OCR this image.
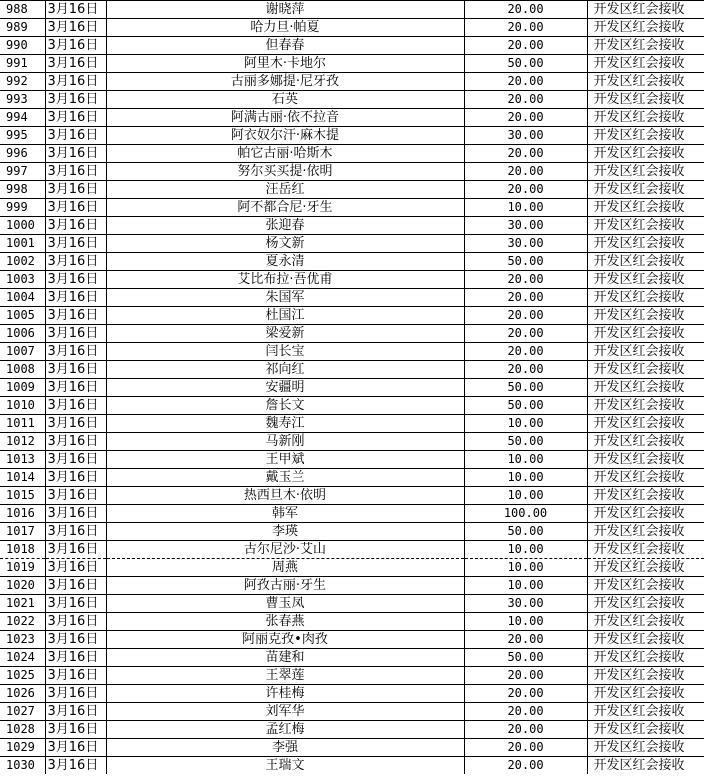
988	3月16日	谢晓萍	20.00	开发区红会接收
989	3月16日	哈力旦·帕夏	20.00	开发区红会接收
990	3月16日	但春春	20.00	开发区红会接收
991	3月16日	阿里木·卡地尔	50.00	开发区红会接收
992	3月16日	古丽多娜提·尼牙孜	20.00	开发区红会接收
993	3月16日	石英	20.00	开发区红会接收
994	3月16日	阿满古丽·依不拉音	20.00	开发区红会接收
995	3月16日	阿衣奴尔汗·麻木提	30.00	开发区红会接收
996	3月16日	帕它古丽·哈斯木	20.00	开发区红会接收
997	3月16日	努尔买买提·依明	20.00	开发区红会接收
998	3月16日	汪岳红	20.00	开发区红会接收
999	3月16日	阿不都合尼·牙生	10.00	开发区红会接收
1000	3月16日	张迎春	30.00	开发区红会接收
1001	3月16日	杨文新	30.00	开发区红会接收
1002	3月16日	夏永清	50.00	开发区红会接收
1003	3月16日	艾比布拉·吾优甫	20.00	开发区红会接收
1004	3月16日	朱国军	20.00	开发区红会接收
1005	3月16日	杜国江	20.00	开发区红会接收
1006	3月16日	梁爱新	20.00	开发区红会接收
1007	3月16日	闫长宝	20.00	开发区红会接收
1008	3月16日	祁向红	20.00	开发区红会接收
1009	3月16日	安疆明	50.00	开发区红会接收
1010	3月16日	詹长文	50.00	开发区红会接收
1011	3月16日	魏寿江	10.00	开发区红会接收
1012	3月16日	马新刚	50.00	开发区红会接收
1013	3月16日	王甲斌	10.00	开发区红会接收
1014	3月16日	戴玉兰	10.00	开发区红会接收
1015	3月16日	热西旦木·依明	10.00	开发区红会接收
1016	3月16日	韩军	100.00	开发区红会接收
1017	3月16日	李瑛	50.00	开发区红会接收
1018	3月16日	古尔尼沙·艾山	10.00	开发区红会接收
1019	3月16日	周燕	10.00	开发区红会接收
1020	3月16日	阿孜古丽·牙生	10.00	开发区红会接收
1021	3月16日	曹玉凤	30.00	开发区红会接收
1022	3月16日	张春燕	10.00	开发区红会接收
1023	3月16日	阿丽克孜•肉孜	20.00	开发区红会接收
1024	3月16日	苗建和	50.00	开发区红会接收
1025	3月16日	王翠莲	20.00	开发区红会接收
1026	3月16日	许桂梅	20.00	开发区红会接收
1027	3月16日	刘军华	20.00	开发区红会接收
1028	3月16日	孟红梅	20.00	开发区红会接收
1029	3月16日	李强	20.00	开发区红会接收
1030	3月16日	王瑞文	20.00	开发区红会接收
